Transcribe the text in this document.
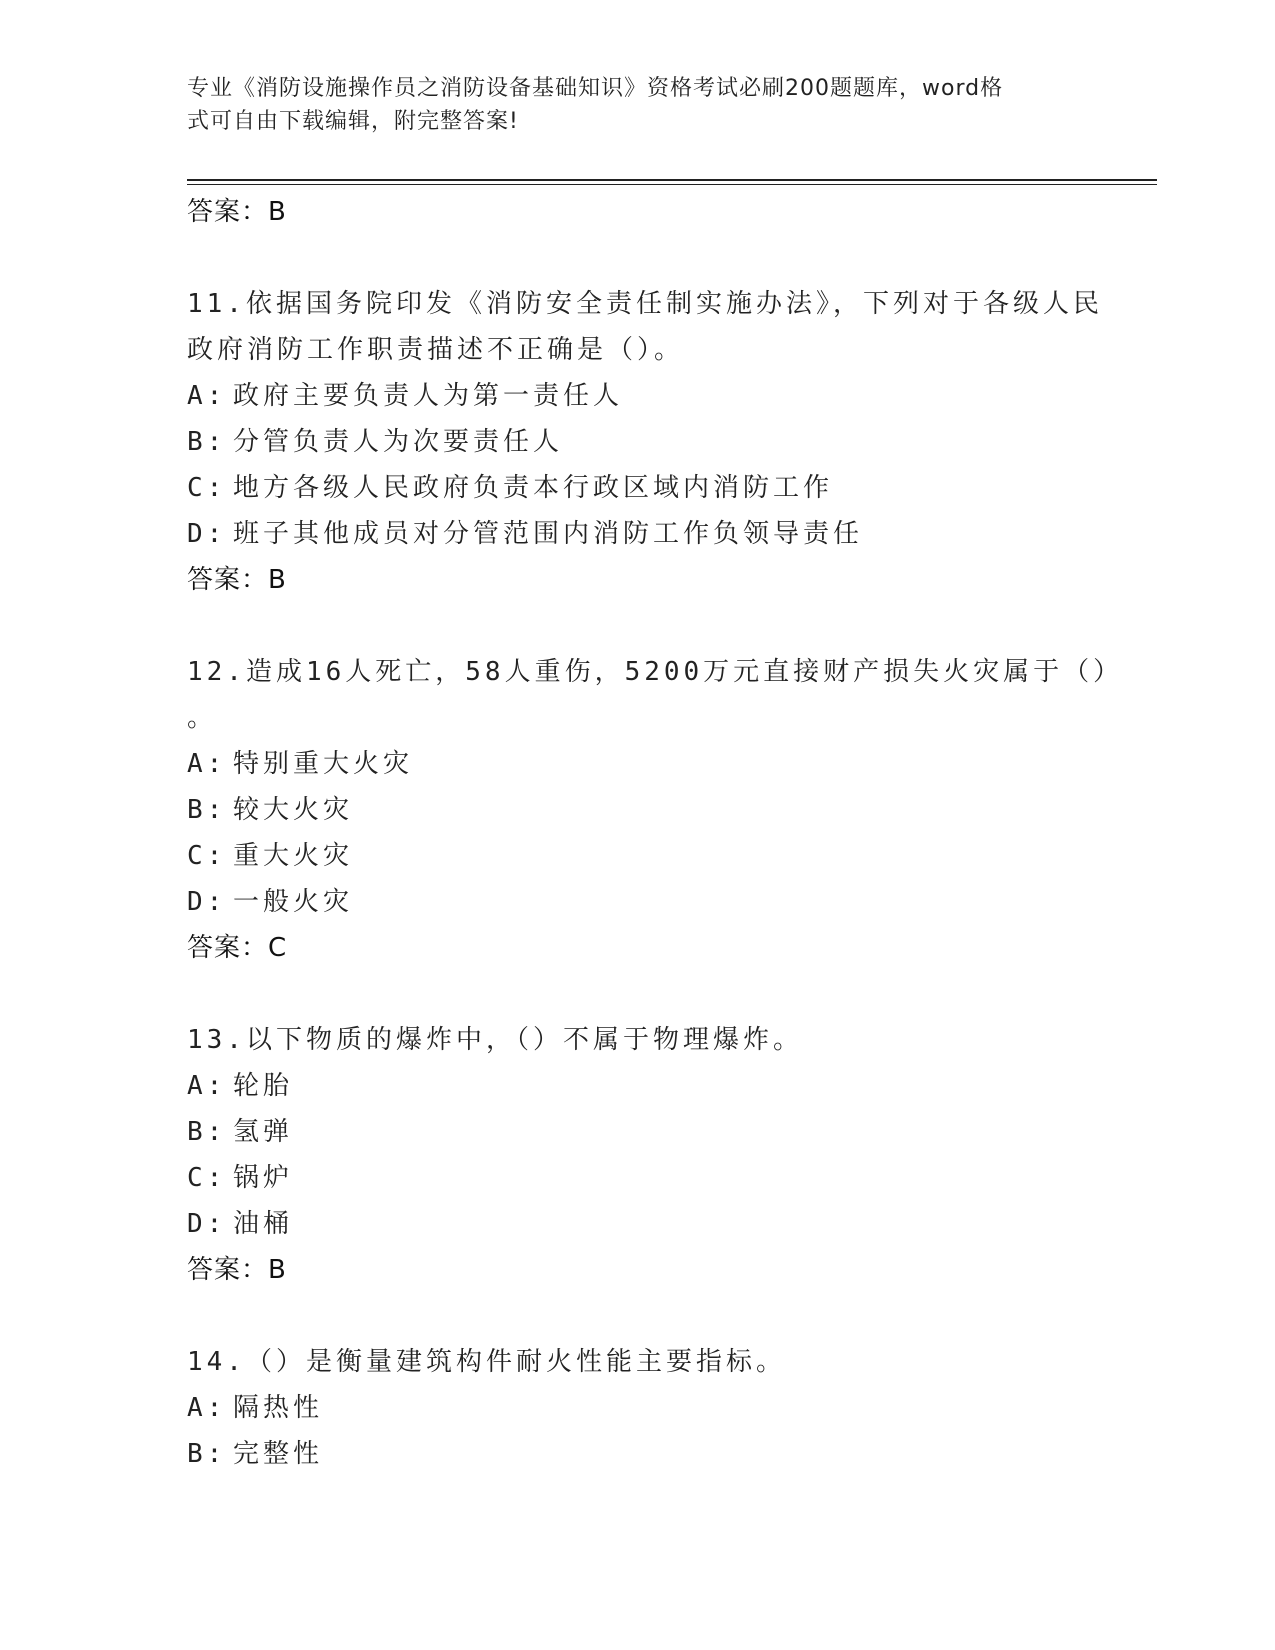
专业《消防设施操作员之消防设备基础知识》资格考试必刷200题题库，word格
式可自由下载编辑，附完整答案!
答案：B
11.依据国务院印发《消防安全责任制实施办法》，下列对于各级人民
政府消防工作职责描述不正确是（）。
A: 政府主要负责人为第一责任人
B: 分管负责人为次要责任人
C: 地方各级人民政府负责本行政区域内消防工作
D: 班子其他成员对分管范围内消防工作负领导责任
答案：B
12.造成16人死亡，58人重伤，5200万元直接财产损失火灾属于（）
。
A: 特别重大火灾
B: 较大火灾
C: 重大火灾
D: 一般火灾
答案：C
13.以下物质的爆炸中，（）不属于物理爆炸。
A: 轮胎
B: 氢弹
C: 锅炉
D: 油桶
答案：B
14.（）是衡量建筑构件耐火性能主要指标。
A: 隔热性
B: 完整性
